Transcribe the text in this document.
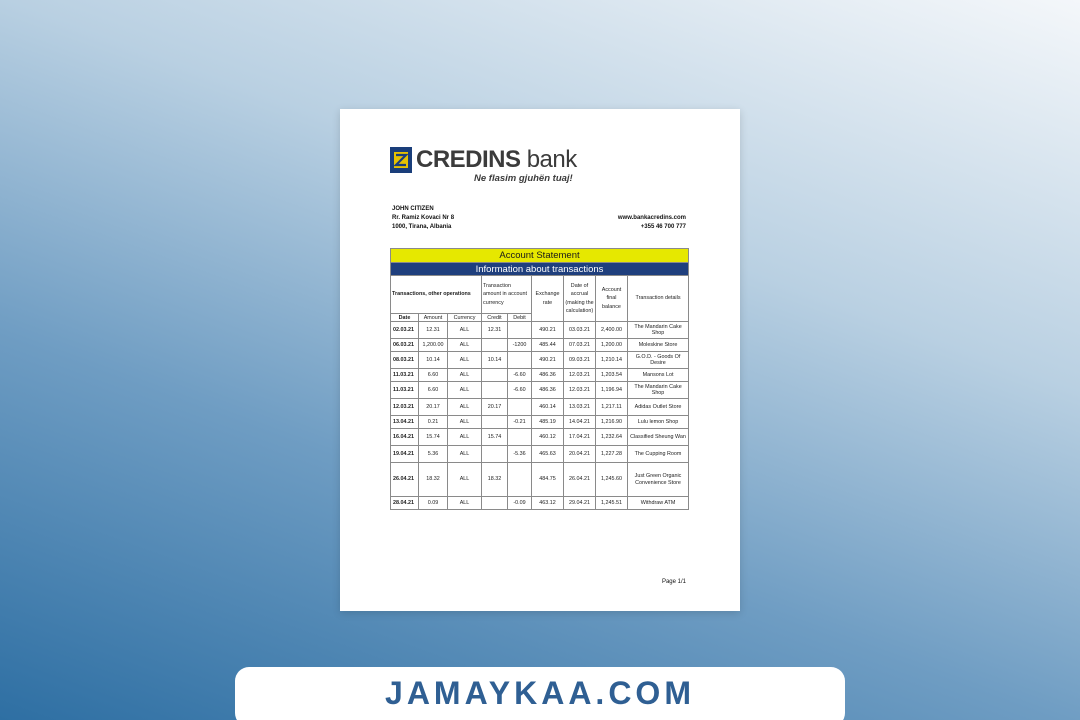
CREDINS bank
Ne flasim gjuhën tuaj!
JOHN CITIZEN
Rr. Ramiz Kovaci Nr 8
1000, Tirana, Albania
www.bankacredins.com
+355 46 700 777
Account Statement								
Information about transactions								
Transactions, other operations			Transaction amount in account currency		Exchange rate	Date of accrual (making the calculation)	Account final balance	Transaction details
Date	Amount	Currency	Credit	Debit				
02.03.21	12.31	ALL	12.31		490.21	03.03.21	2,400.00	The Mandarin Cake Shop
06.03.21	1,200.00	ALL		-1200	485.44	07.03.21	1,200.00	Moleskine Store
08.03.21	10.14	ALL	10.14		490.21	09.03.21	1,210.14	G.O.D. - Goods Of Desire
11.03.21	6.60	ALL		-6.60	486.36	12.03.21	1,203.54	Mansons Lot
11.03.21	6.60	ALL		-6.60	486.36	12.03.21	1,196.94	The Mandarin Cake Shop
12.03.21	20.17	ALL	20.17		460.14	13.03.21	1,217.11	Adidas Outlet Store
13.04.21	0.21	ALL		-0.21	485.19	14.04.21	1,216.90	Lulu lemon Shop
16.04.21	15.74	ALL	15.74		460.12	17.04.21	1,232.64	Classified Sheung Wan
19.04.21	5.36	ALL		-5.36	465.63	20.04.21	1,227.28	The Cupping Room
26.04.21	18.32	ALL	18.32		484.75	26.04.21	1,245.60	Just Green Organic Convenience Store
28.04.21	0.09	ALL		-0.09	463.12	29.04.21	1,245.51	Withdraw ATM
Page 1/1
JAMAYKAA.COM
